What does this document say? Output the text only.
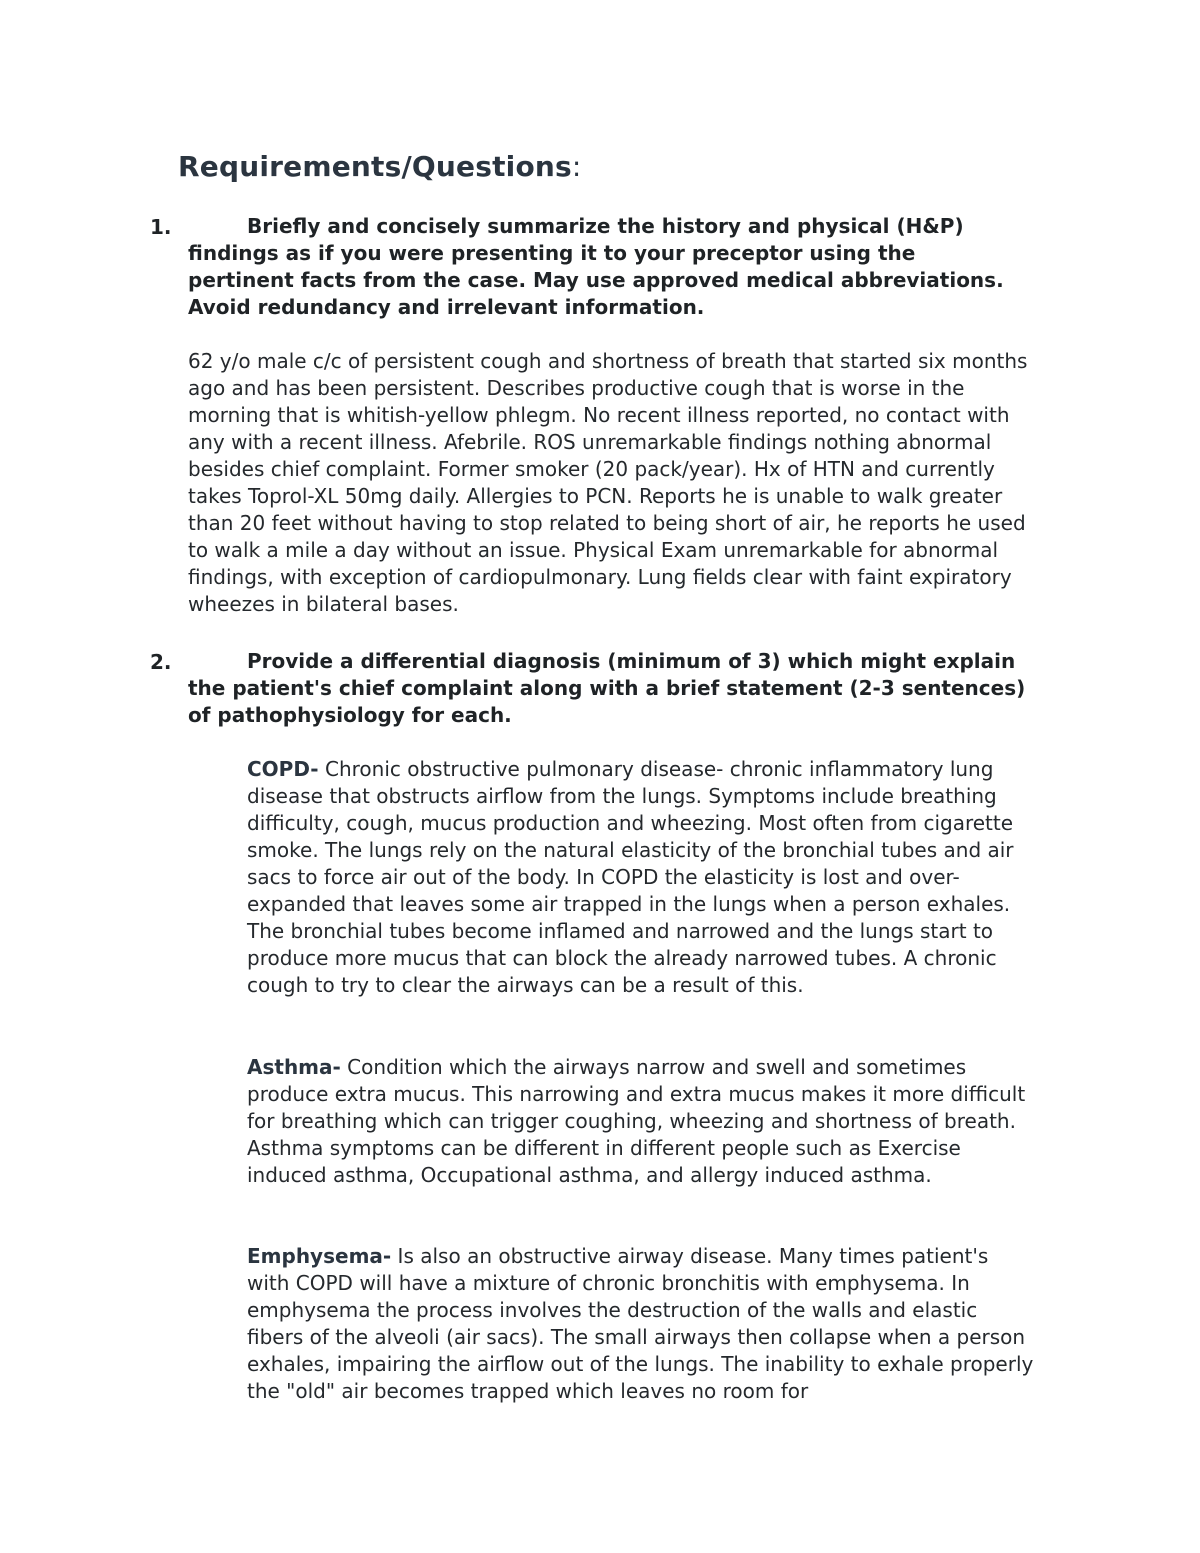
Requirements/Questions:
1.	Briefly and concisely summarize the history and physical (H&P) findings as if you were presenting it to your preceptor using the pertinent facts from the case. May use approved medical abbreviations. Avoid redundancy and irrelevant information.
62 y/o male c/c of persistent cough and shortness of breath that started six months ago and has been persistent. Describes productive cough that is worse in the morning that is whitish-yellow phlegm. No recent illness reported, no contact with any with a recent illness. Afebrile. ROS unremarkable findings nothing abnormal besides chief complaint. Former smoker (20 pack/year). Hx of HTN and currently takes Toprol-XL 50mg daily. Allergies to PCN. Reports he is unable to walk greater than 20 feet without having to stop related to being short of air, he reports he used to walk a mile a day without an issue. Physical Exam unremarkable for abnormal findings, with exception of cardiopulmonary. Lung fields clear with faint expiratory wheezes in bilateral bases.
2.	Provide a differential diagnosis (minimum of 3) which might explain the patient's chief complaint along with a brief statement (2-3 sentences) of pathophysiology for each.
COPD- Chronic obstructive pulmonary disease- chronic inflammatory lung disease that obstructs airflow from the lungs. Symptoms include breathing difficulty, cough, mucus production and wheezing. Most often from cigarette smoke. The lungs rely on the natural elasticity of the bronchial tubes and air sacs to force air out of the body. In COPD the elasticity is lost and over-expanded that leaves some air trapped in the lungs when a person exhales. The bronchial tubes become inflamed and narrowed and the lungs start to produce more mucus that can block the already narrowed tubes. A chronic cough to try to clear the airways can be a result of this.
Asthma- Condition which the airways narrow and swell and sometimes produce extra mucus. This narrowing and extra mucus makes it more difficult for breathing which can trigger coughing, wheezing and shortness of breath. Asthma symptoms can be different in different people such as Exercise induced asthma, Occupational asthma, and allergy induced asthma.
Emphysema- Is also an obstructive airway disease. Many times patient's with COPD will have a mixture of chronic bronchitis with emphysema. In emphysema the process involves the destruction of the walls and elastic fibers of the alveoli (air sacs). The small airways then collapse when a person exhales, impairing the airflow out of the lungs. The inability to exhale properly the "old" air becomes trapped which leaves no room for
